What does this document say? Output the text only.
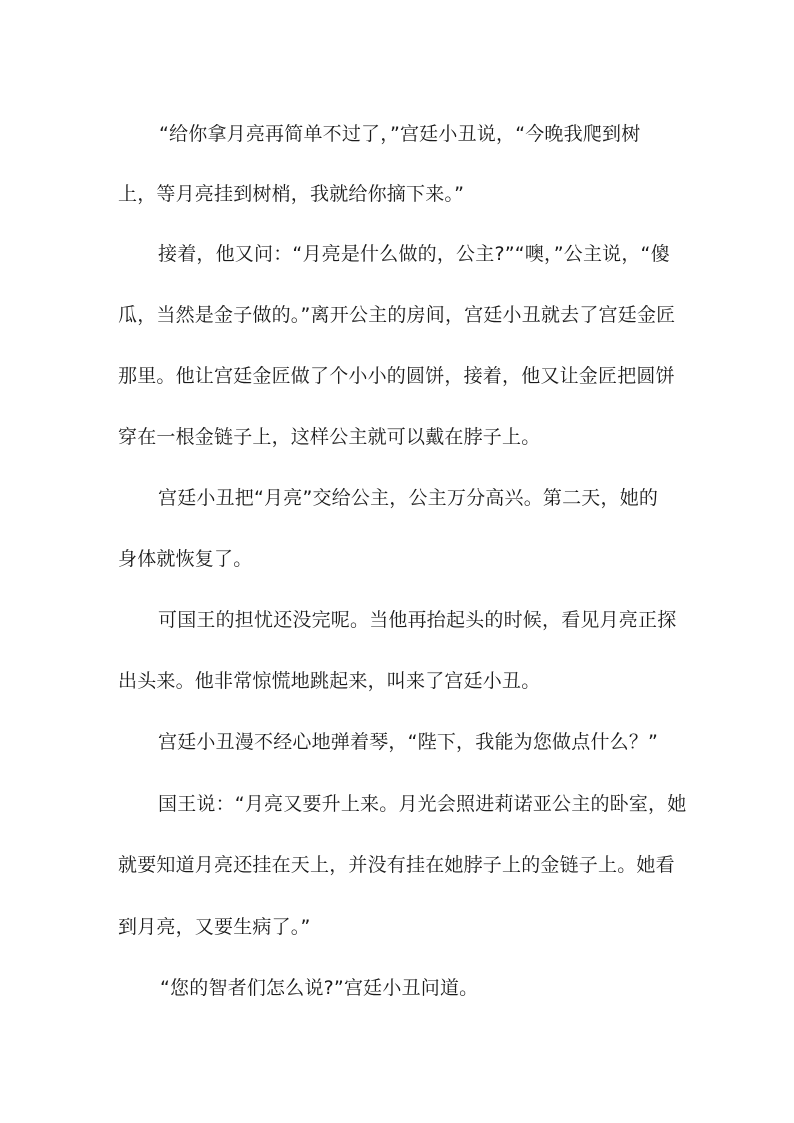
“给你拿月亮再简单不过了，”宫廷小丑说，“今晚我爬到树
上，等月亮挂到树梢，我就给你摘下来。”
接着，他又问：“月亮是什么做的，公主?”“噢，”公主说，“傻
瓜，当然是金子做的。”离开公主的房间，宫廷小丑就去了宫廷金匠
那里。他让宫廷金匠做了个小小的圆饼，接着，他又让金匠把圆饼
穿在一根金链子上，这样公主就可以戴在脖子上。
宫廷小丑把“月亮”交给公主，公主万分高兴。第二天，她的
身体就恢复了。
可国王的担忧还没完呢。当他再抬起头的时候，看见月亮正探
出头来。他非常惊慌地跳起来，叫来了宫廷小丑。
宫廷小丑漫不经心地弹着琴，“陛下，我能为您做点什么？”
国王说：“月亮又要升上来。月光会照进莉诺亚公主的卧室，她
就要知道月亮还挂在天上，并没有挂在她脖子上的金链子上。她看
到月亮，又要生病了。”
“您的智者们怎么说?”宫廷小丑问道。
